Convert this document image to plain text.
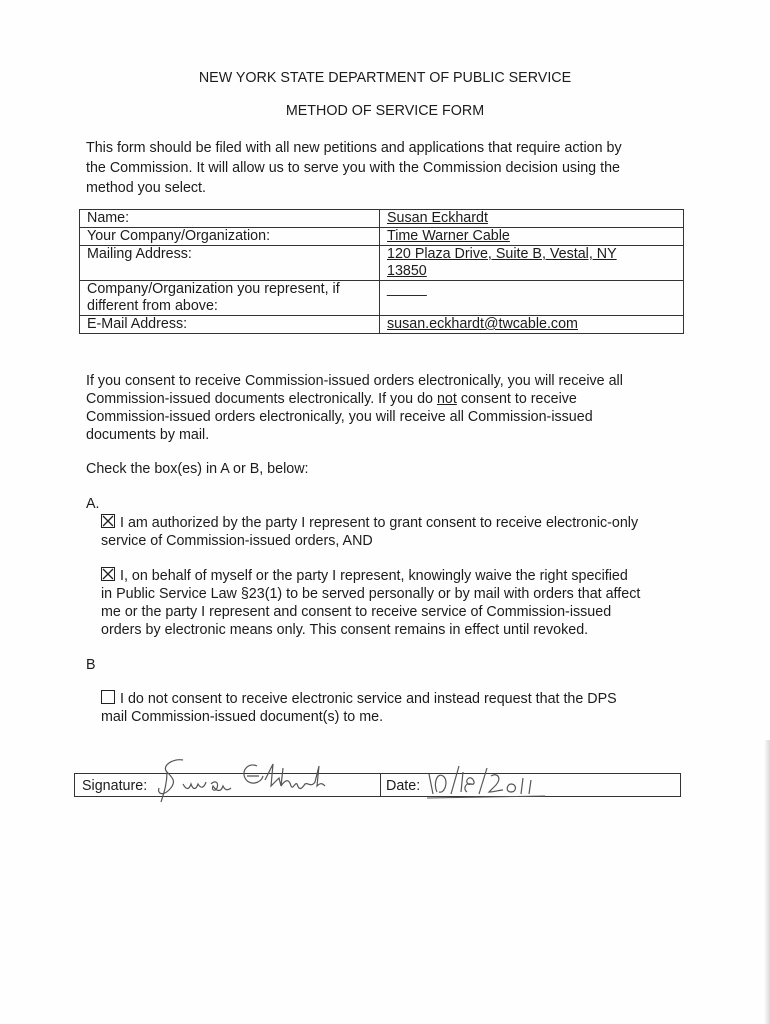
NEW YORK STATE DEPARTMENT OF PUBLIC SERVICE
METHOD OF SERVICE FORM
This form should be filed with all new petitions and applications that require action by
the Commission. It will allow us to serve you with the Commission decision using the
method you select.
Name:	Susan Eckhardt
Your Company/Organization:	Time Warner Cable
Mailing Address:	120 Plaza Drive, Suite B, Vestal, NY
13850

Company/Organization you represent, if
different from above:	_____
E-Mail Address:	susan.eckhardt@twcable.com
If you consent to receive Commission-issued orders electronically, you will receive all
Commission-issued documents electronically. If you do not consent to receive
Commission-issued orders electronically, you will receive all Commission-issued
documents by mail.
Check the box(es) in A or B, below:
A.
I am authorized by the party I represent to grant consent to receive electronic-only
service of Commission-issued orders, AND
I, on behalf of myself or the party I represent, knowingly waive the right specified
in Public Service Law §23(1) to be served personally or by mail with orders that affect
me or the party I represent and consent to receive service of Commission-issued
orders by electronic means only. This consent remains in effect until revoked.
B
I do not consent to receive electronic service and instead request that the DPS
mail Commission-issued document(s) to me.
Signature:	Date:
